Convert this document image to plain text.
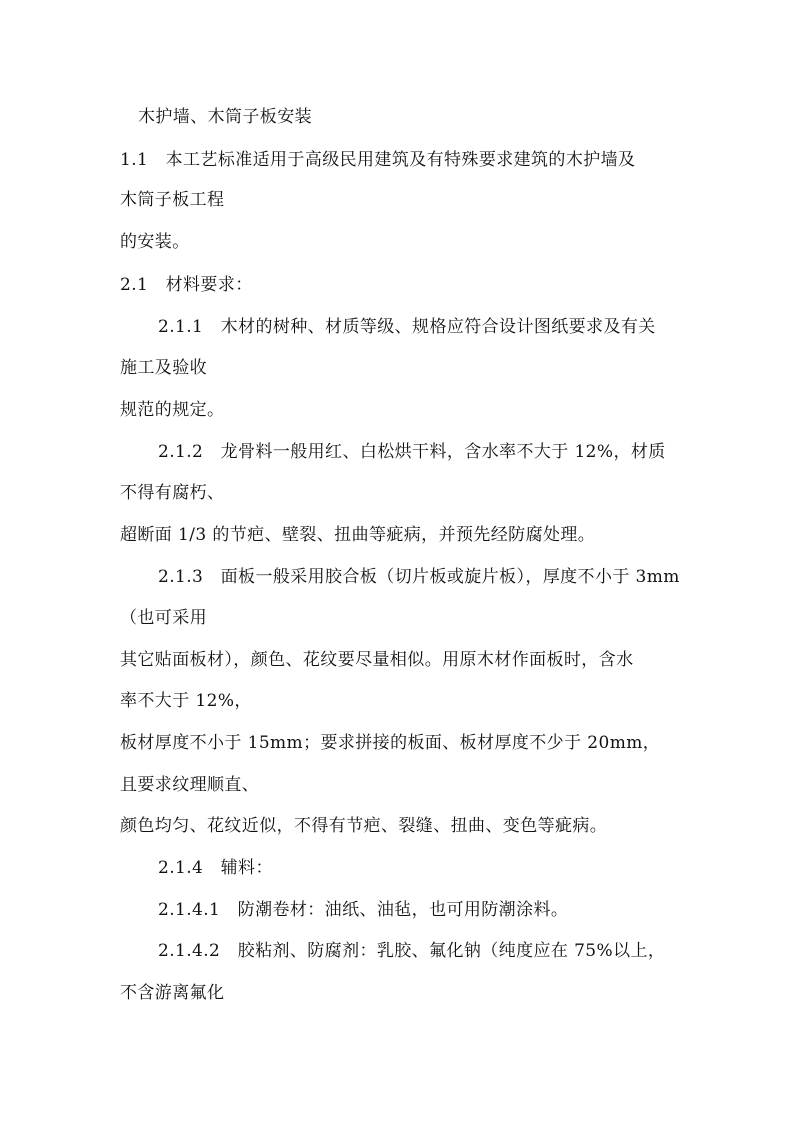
木护墙、木筒子板安装
1.1　本工艺标准适用于高级民用建筑及有特殊要求建筑的木护墙及
木筒子板工程
的安装。
2.1　材料要求：
2.1.1　木材的树种、材质等级、规格应符合设计图纸要求及有关
施工及验收
规范的规定。
2.1.2　龙骨料一般用红、白松烘干料，含水率不大于 12%，材质
不得有腐朽、
超断面 1/3 的节疤、壁裂、扭曲等疵病，并预先经防腐处理。
2.1.3　面板一般采用胶合板（切片板或旋片板），厚度不小于 3mm
（也可采用
其它贴面板材），颜色、花纹要尽量相似。用原木材作面板时，含水
率不大于 12%，
板材厚度不小于 15mm；要求拼接的板面、板材厚度不少于 20mm，
且要求纹理顺直、
颜色均匀、花纹近似，不得有节疤、裂缝、扭曲、变色等疵病。
2.1.4　辅料：
2.1.4.1　防潮卷材：油纸、油毡，也可用防潮涂料。
2.1.4.2　胶粘剂、防腐剂：乳胶、氟化钠（纯度应在 75%以上，
不含游离氟化
